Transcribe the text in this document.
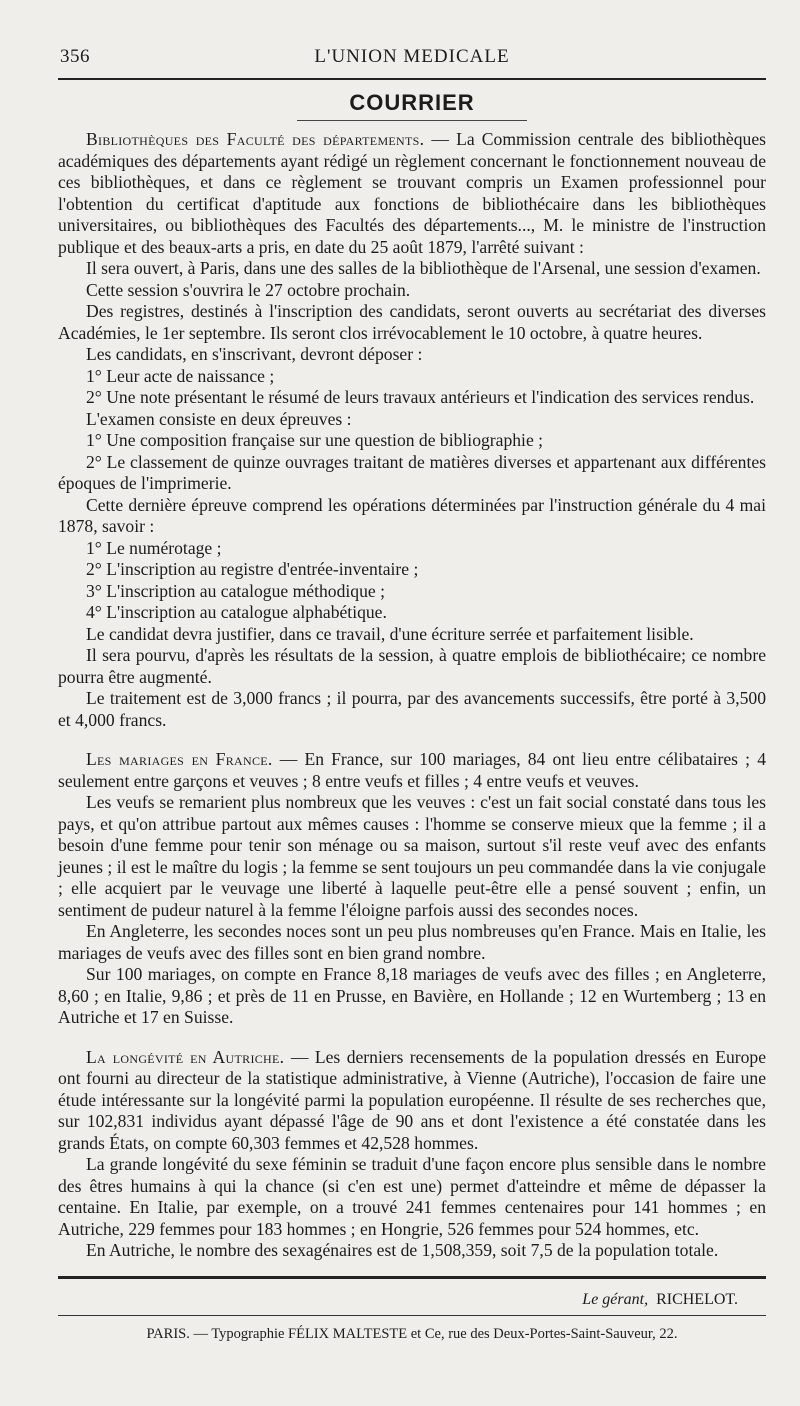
356	L'UNION MEDICALE
COURRIER

Bibliothèques des Faculté des départements. — La Commission centrale des bibliothèques académiques des départements ayant rédigé un règlement concernant le fonctionnement nouveau de ces bibliothèques, et dans ce règlement se trouvant compris un Examen professionnel pour l'obtention du certificat d'aptitude aux fonctions de bibliothécaire dans les bibliothèques universitaires, ou bibliothèques des Facultés des départements..., M. le ministre de l'instruction publique et des beaux-arts a pris, en date du 25 août 1879, l'arrêté suivant :

Il sera ouvert, à Paris, dans une des salles de la bibliothèque de l'Arsenal, une session d'examen.

Cette session s'ouvrira le 27 octobre prochain.

Des registres, destinés à l'inscription des candidats, seront ouverts au secrétariat des diverses Académies, le 1er septembre. Ils seront clos irrévocablement le 10 octobre, à quatre heures.

Les candidats, en s'inscrivant, devront déposer :

1° Leur acte de naissance ;

2° Une note présentant le résumé de leurs travaux antérieurs et l'indication des services rendus.

L'examen consiste en deux épreuves :

1° Une composition française sur une question de bibliographie ;

2° Le classement de quinze ouvrages traitant de matières diverses et appartenant aux différentes époques de l'imprimerie.

Cette dernière épreuve comprend les opérations déterminées par l'instruction générale du 4 mai 1878, savoir :

1° Le numérotage ;

2° L'inscription au registre d'entrée-inventaire ;

3° L'inscription au catalogue méthodique ;

4° L'inscription au catalogue alphabétique.

Le candidat devra justifier, dans ce travail, d'une écriture serrée et parfaitement lisible.

Il sera pourvu, d'après les résultats de la session, à quatre emplois de bibliothécaire; ce nombre pourra être augmenté.

Le traitement est de 3,000 francs ; il pourra, par des avancements successifs, être porté à 3,500 et 4,000 francs.

Les mariages en France. — En France, sur 100 mariages, 84 ont lieu entre célibataires ; 4 seulement entre garçons et veuves ; 8 entre veufs et filles ; 4 entre veufs et veuves.

Les veufs se remarient plus nombreux que les veuves : c'est un fait social constaté dans tous les pays, et qu'on attribue partout aux mêmes causes : l'homme se conserve mieux que la femme ; il a besoin d'une femme pour tenir son ménage ou sa maison, surtout s'il reste veuf avec des enfants jeunes ; il est le maître du logis ; la femme se sent toujours un peu commandée dans la vie conjugale ; elle acquiert par le veuvage une liberté à laquelle peut-être elle a pensé souvent ; enfin, un sentiment de pudeur naturel à la femme l'éloigne parfois aussi des secondes noces.

En Angleterre, les secondes noces sont un peu plus nombreuses qu'en France. Mais en Italie, les mariages de veufs avec des filles sont en bien grand nombre.

Sur 100 mariages, on compte en France 8,18 mariages de veufs avec des filles ; en Angleterre, 8,60 ; en Italie, 9,86 ; et près de 11 en Prusse, en Bavière, en Hollande ; 12 en Wurtemberg ; 13 en Autriche et 17 en Suisse.

La longévité en Autriche. — Les derniers recensements de la population dressés en Europe ont fourni au directeur de la statistique administrative, à Vienne (Autriche), l'occasion de faire une étude intéressante sur la longévité parmi la population européenne. Il résulte de ses recherches que, sur 102,831 individus ayant dépassé l'âge de 90 ans et dont l'existence a été constatée dans les grands États, on compte 60,303 femmes et 42,528 hommes.

La grande longévité du sexe féminin se traduit d'une façon encore plus sensible dans le nombre des êtres humains à qui la chance (si c'en est une) permet d'atteindre et même de dépasser la centaine. En Italie, par exemple, on a trouvé 241 femmes centenaires pour 141 hommes ; en Autriche, 229 femmes pour 183 hommes ; en Hongrie, 526 femmes pour 524 hommes, etc.

En Autriche, le nombre des sexagénaires est de 1,508,359, soit 7,5 de la population totale.

Le gérant, RICHELOT.
PARIS. — Typographie FÉLIX MALTESTE et Ce, rue des Deux-Portes-Saint-Sauveur, 22.
